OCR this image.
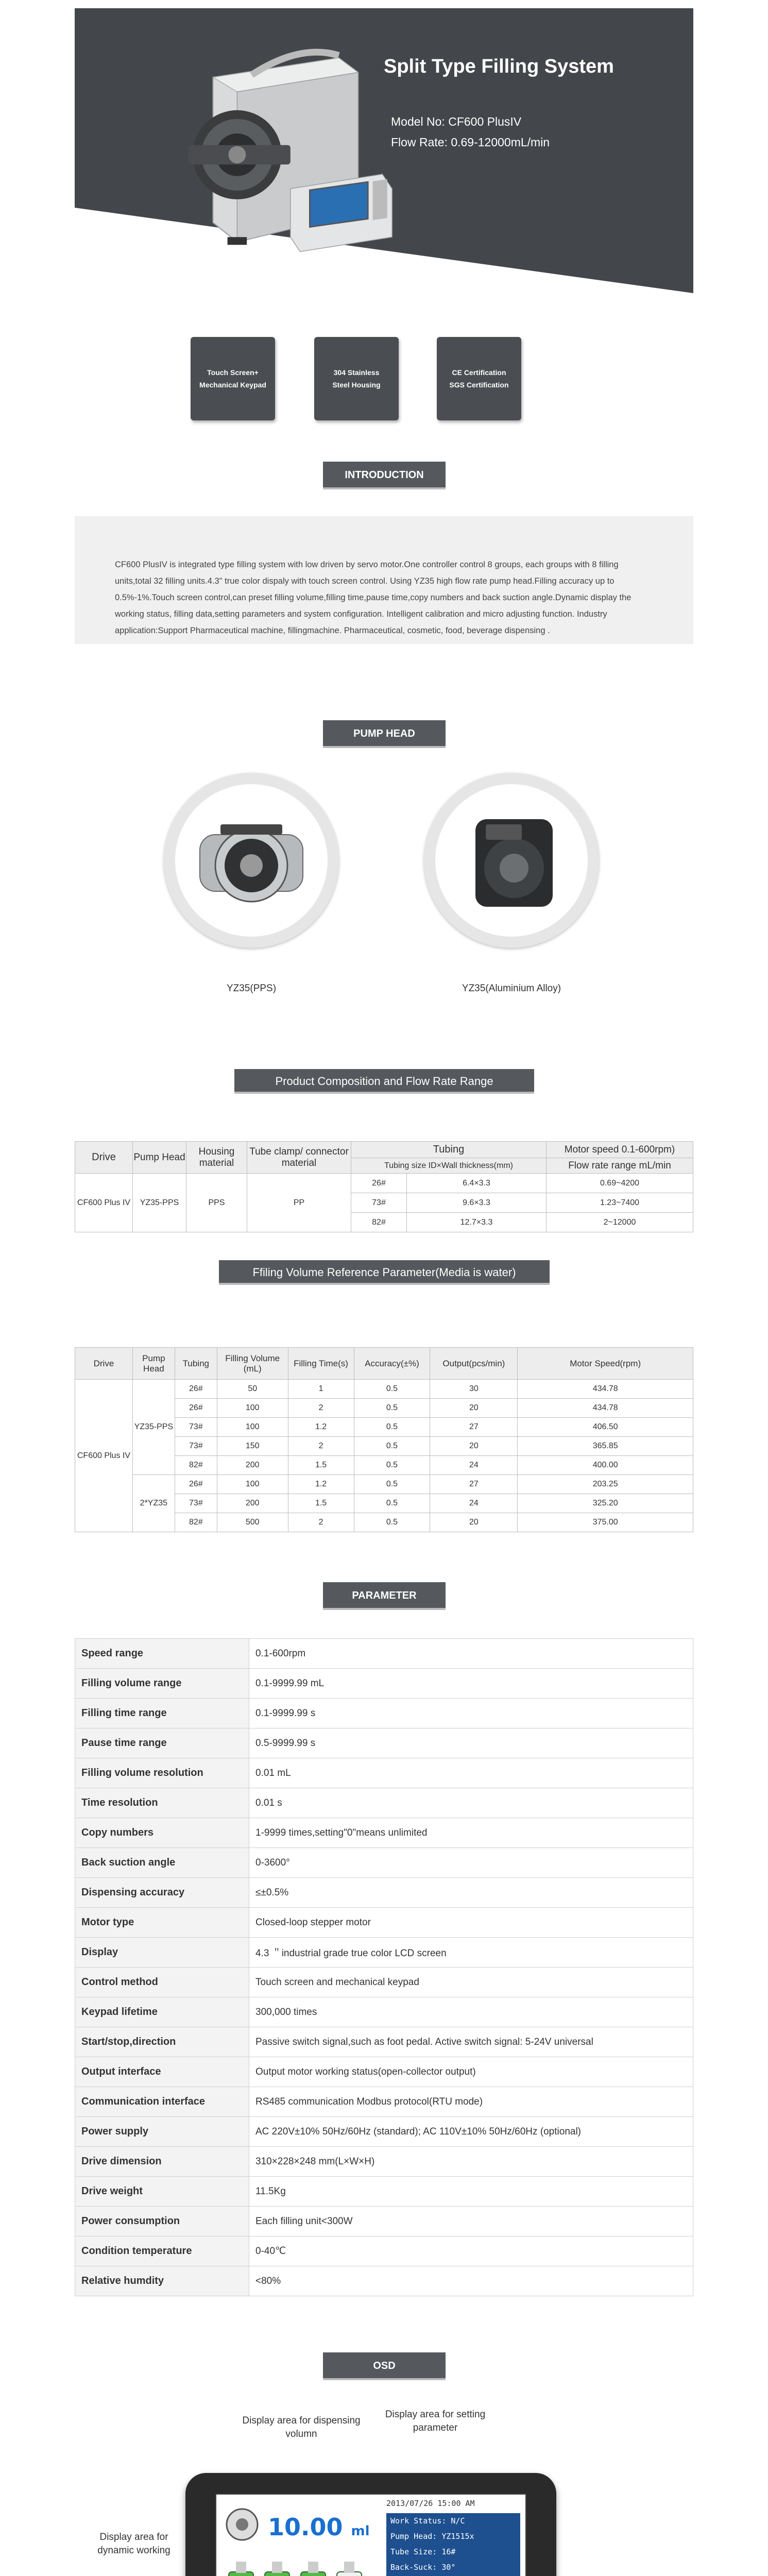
Split Type Filling System
Model No: CF600 PlusIV
Flow Rate: 0.69-12000mL/min
Touch Screen+
Mechanical Keypad
304 Stainless
Steel Housing
CE Certification
SGS Certification
INTRODUCTION

CF600 PlusIV is integrated type filling system with low driven by servo motor.One controller control 8 groups, each groups with 8 filling units,total 32 filling units.4.3" true color dispaly with touch screen control. Using YZ35 high flow rate pump head.Filling accuracy up to 0.5%-1%.Touch screen control,can preset filling volume,filling time,pause time,copy numbers and back suction angle.Dynamic display the working status, filling data,setting parameters and system configuration. Intelligent calibration and micro adjusting function. Industry application:Support Pharmaceutical machine, fillingmachine. Pharmaceutical, cosmetic, food, beverage dispensing .

PUMP HEAD
YZ35(PPS)	YZ35(Aluminium Alloy)
Product Composition and Flow Rate Range
Drive	Pump Head	Housing material	Tube clamp/ connector material	Tubing		Motor speed 0.1-600rpm)
				Tubing size ID×Wall thickness(mm)		Flow rate range mL/min
CF600 Plus IV	YZ35-PPS	PPS	PP	26#	6.4×3.3	0.69~4200
				73#	9.6×3.3	1.23~7400
				82#	12.7×3.3	2~12000
Ffiling Volume Reference Parameter(Media is water)
Drive	Pump Head	Tubing	Filling Volume (mL)	Filling Time(s)	Accuracy(±%)	Output(pcs/min)	Motor Speed(rpm)
CF600 Plus IV	YZ35-PPS	26#	50	1	0.5	30	434.78
		26#	100	2	0.5	20	434.78
		73#	100	1.2	0.5	27	406.50
		73#	150	2	0.5	20	365.85
		82#	200	1.5	0.5	24	400.00
	2*YZ35	26#	100	1.2	0.5	27	203.25
		73#	200	1.5	0.5	24	325.20
		82#	500	2	0.5	20	375.00
PARAMETER
Speed range	0.1-600rpm
Filling volume range	0.1-9999.99 mL
Filling time range	0.1-9999.99 s
Pause time range	0.5-9999.99 s
Filling volume resolution	0.01 mL
Time resolution	0.01 s
Copy numbers	1-9999 times,setting"0"means unlimited
Back suction angle	0-3600°
Dispensing accuracy	≤±0.5%
Motor type	Closed-loop stepper motor
Display	4.3 ＂industrial grade true color LCD screen
Control method	Touch screen and mechanical keypad
Keypad lifetime	300,000 times
Start/stop,direction	Passive switch signal,such as foot pedal. Active switch signal: 5-24V universal
Output interface	Output motor working status(open-collector output)
Communication interface	RS485 communication Modbus protocol(RTU mode)
Power supply	AC 220V±10% 50Hz/60Hz (standard); AC 110V±10% 50Hz/60Hz (optional)
Drive dimension	310×228×248 mm(L×W×H)
Drive weight	11.5Kg
Power consumption	Each filling unit<300W
Condition temperature	0-40℃
Relative humdity	<80%
OSD
Display area for dispensing volumn
Display area for setting parameter
Display area for dynamic working
10.00 ml
2013/07/26 15:00 AM
Work Status: N/C
Pump Head: YZ1515x
Tube Size: 16#
Back-Suck: 30°
